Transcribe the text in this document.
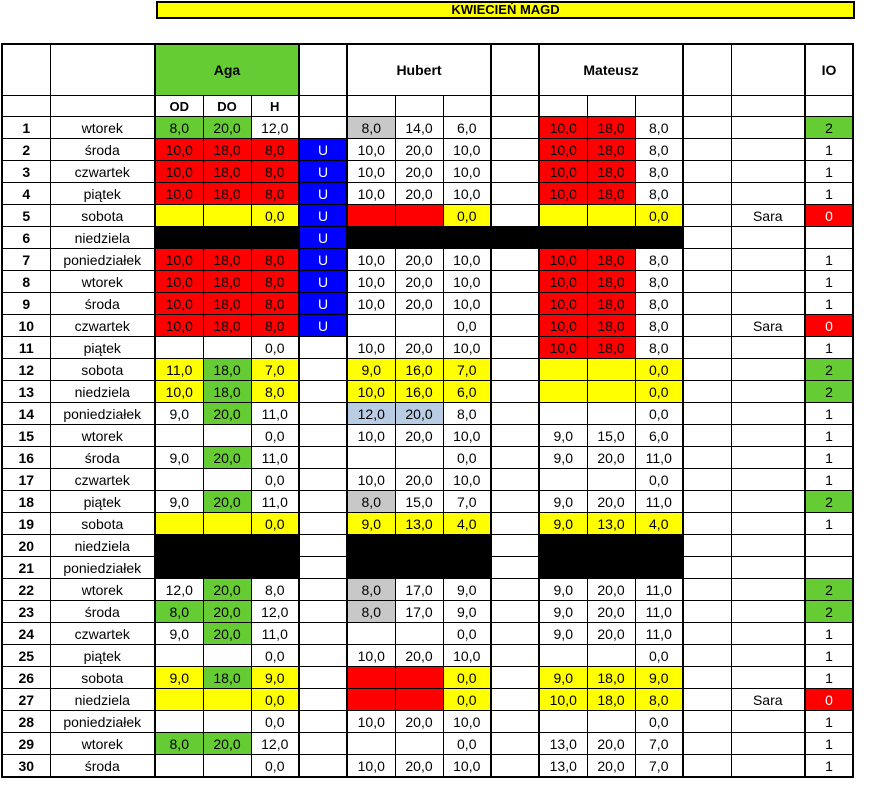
KWIECIEŃ MAGD
		Aga				Hubert				Mateusz					IO
		OD	DO	H											
1	wtorek	8,0	20,0	12,0		8,0	14,0	6,0		10,0	18,0	8,0			2
2	środa	10,0	18,0	8,0	U	10,0	20,0	10,0		10,0	18,0	8,0			1
3	czwartek	10,0	18,0	8,0	U	10,0	20,0	10,0		10,0	18,0	8,0			1
4	piątek	10,0	18,0	8,0	U	10,0	20,0	10,0		10,0	18,0	8,0			1
5	sobota			0,0	U			0,0				0,0		Sara	0
6	niedziela				U				black						
7	poniedziałek	10,0	18,0	8,0	U	10,0	20,0	10,0		10,0	18,0	8,0			1
8	wtorek	10,0	18,0	8,0	U	10,0	20,0	10,0		10,0	18,0	8,0			1
9	środa	10,0	18,0	8,0	U	10,0	20,0	10,0		10,0	18,0	8,0			1
10	czwartek	10,0	18,0	8,0	U			0,0		10,0	18,0	8,0		Sara	0
11	piątek			0,0		10,0	20,0	10,0		10,0	18,0	8,0			1
12	sobota	11,0	18,0	7,0		9,0	16,0	7,0				0,0			2
13	niedziela	10,0	18,0	8,0		10,0	16,0	6,0				0,0			2
14	poniedziałek	9,0	20,0	11,0		12,0	20,0	8,0				0,0			1
15	wtorek			0,0		10,0	20,0	10,0		9,0	15,0	6,0			1
16	środa	9,0	20,0	11,0				0,0		9,0	20,0	11,0			1
17	czwartek			0,0		10,0	20,0	10,0				0,0			1
18	piątek	9,0	20,0	11,0		8,0	15,0	7,0		9,0	20,0	11,0			2
19	sobota			0,0		9,0	13,0	4,0		9,0	13,0	4,0			1
20	niedziela														
21	poniedziałek														
22	wtorek	12,0	20,0	8,0		8,0	17,0	9,0		9,0	20,0	11,0			2
23	środa	8,0	20,0	12,0		8,0	17,0	9,0		9,0	20,0	11,0			2
24	czwartek	9,0	20,0	11,0				0,0		9,0	20,0	11,0			1
25	piątek			0,0		10,0	20,0	10,0				0,0			1
26	sobota	9,0	18,0	9,0				0,0		9,0	18,0	9,0			1
27	niedziela			0,0				0,0		10,0	18,0	8,0		Sara	0
28	poniedziałek			0,0		10,0	20,0	10,0				0,0			1
29	wtorek	8,0	20,0	12,0				0,0		13,0	20,0	7,0			1
30	środa			0,0		10,0	20,0	10,0		13,0	20,0	7,0			1
